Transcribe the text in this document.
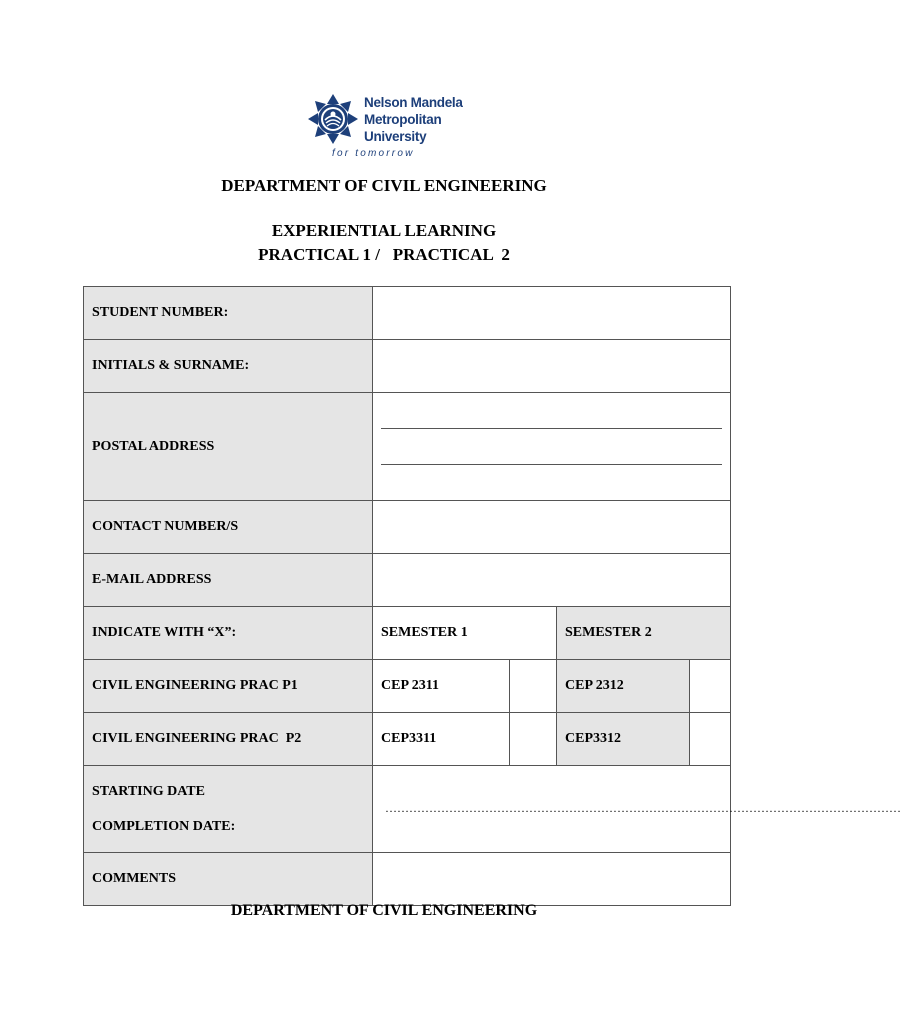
Nelson Mandela
Metropolitan
University
for tomorrow
DEPARTMENT OF CIVIL ENGINEERING
EXPERIENTIAL LEARNING
PRACTICAL 1 /   PRACTICAL  2
STUDENT NUMBER:				
INITIALS & SURNAME:				
POSTAL ADDRESS				

CONTACT NUMBER/S				
E-MAIL ADDRESS				
INDICATE WITH “X”:	SEMESTER 1		SEMESTER 2	
CIVIL ENGINEERING PRAC P1	CEP 2311		CEP 2312	
CIVIL ENGINEERING PRAC  P2	CEP3311		CEP3312	

STARTING DATE
COMPLETION DATE:	…………………………………………………………………………………………………………………			
COMMENTS				
DEPARTMENT OF CIVIL ENGINEERING
